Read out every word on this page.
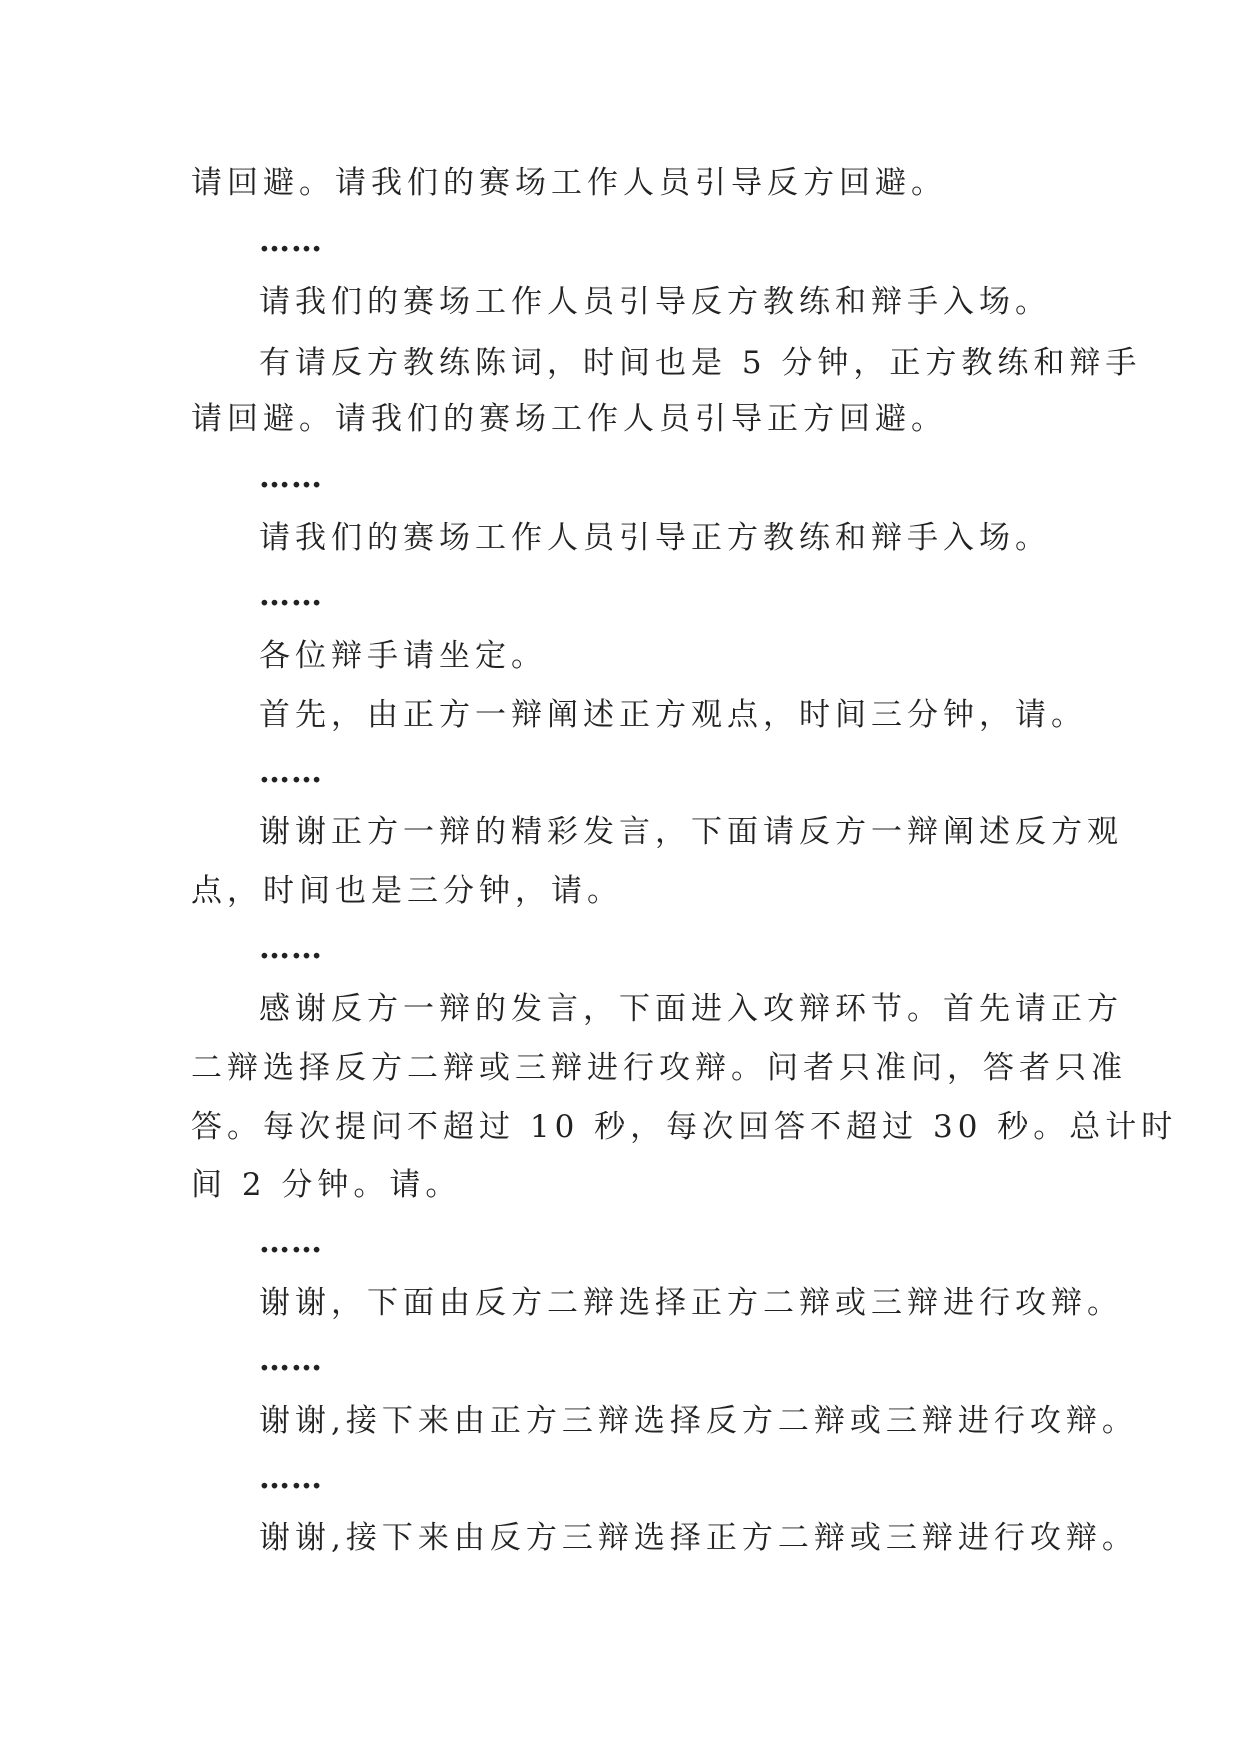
请回避。请我们的赛场工作人员引导反方回避。
……
请我们的赛场工作人员引导反方教练和辩手入场。
有请反方教练陈词，时间也是 5 分钟，正方教练和辩手
请回避。请我们的赛场工作人员引导正方回避。
……
请我们的赛场工作人员引导正方教练和辩手入场。
……
各位辩手请坐定。
首先，由正方一辩阐述正方观点，时间三分钟，请。
……
谢谢正方一辩的精彩发言，下面请反方一辩阐述反方观
点，时间也是三分钟，请。
……
感谢反方一辩的发言，下面进入攻辩环节。首先请正方
二辩选择反方二辩或三辩进行攻辩。问者只准问，答者只准
答。每次提问不超过 10 秒，每次回答不超过 30 秒。总计时
间 2 分钟。请。
……
谢谢，下面由反方二辩选择正方二辩或三辩进行攻辩。
……
谢谢,接下来由正方三辩选择反方二辩或三辩进行攻辩。
……
谢谢,接下来由反方三辩选择正方二辩或三辩进行攻辩。
